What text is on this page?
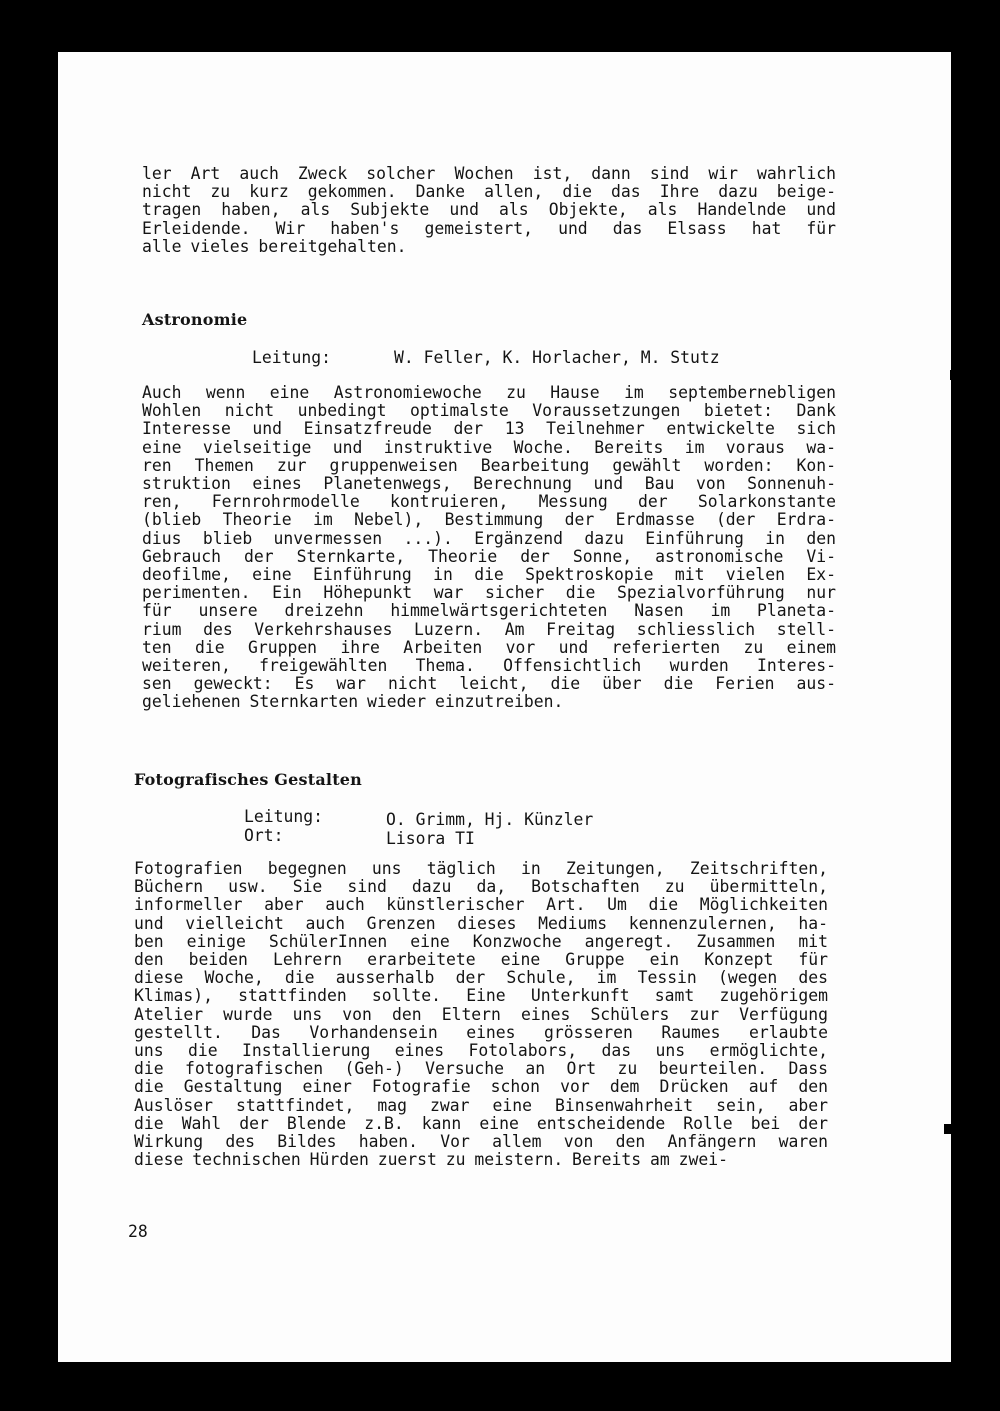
ler Art auch Zweck solcher Wochen ist, dann sind wir wahrlich
nicht zu kurz gekommen. Danke allen, die das Ihre dazu beige-
tragen haben, als Subjekte und als Objekte, als Handelnde und
Erleidende. Wir haben's gemeistert, und das Elsass hat für
alle vieles bereitgehalten.
Astronomie
Leitung:	W. Feller, K. Horlacher, M. Stutz
Auch wenn eine Astronomiewoche zu Hause im septembernebligen
Wohlen nicht unbedingt optimalste Voraussetzungen bietet: Dank
Interesse und Einsatzfreude der 13 Teilnehmer entwickelte sich
eine vielseitige und instruktive Woche. Bereits im voraus wa-
ren Themen zur gruppenweisen Bearbeitung gewählt worden: Kon-
struktion eines Planetenwegs, Berechnung und Bau von Sonnenuh-
ren, Fernrohrmodelle kontruieren, Messung der Solarkonstante
(blieb Theorie im Nebel), Bestimmung der Erdmasse (der Erdra-
dius blieb unvermessen ...). Ergänzend dazu Einführung in den
Gebrauch der Sternkarte, Theorie der Sonne, astronomische Vi-
deofilme, eine Einführung in die Spektroskopie mit vielen Ex-
perimenten. Ein Höhepunkt war sicher die Spezialvorführung nur
für unsere dreizehn himmelwärtsgerichteten Nasen im Planeta-
rium des Verkehrshauses Luzern. Am Freitag schliesslich stell-
ten die Gruppen ihre Arbeiten vor und referierten zu einem
weiteren, freigewählten Thema. Offensichtlich wurden Interes-
sen geweckt: Es war nicht leicht, die über die Ferien aus-
geliehenen Sternkarten wieder einzutreiben.
Fotografisches Gestalten
Leitung:	O. Grimm, Hj. Künzler
Ort:	Lisora TI
Fotografien begegnen uns täglich in Zeitungen, Zeitschriften,
Büchern usw. Sie sind dazu da, Botschaften zu übermitteln,
informeller aber auch künstlerischer Art. Um die Möglichkeiten
und vielleicht auch Grenzen dieses Mediums kennenzulernen, ha-
ben einige SchülerInnen eine Konzwoche angeregt. Zusammen mit
den beiden Lehrern erarbeitete eine Gruppe ein Konzept für
diese Woche, die ausserhalb der Schule, im Tessin (wegen des
Klimas), stattfinden sollte. Eine Unterkunft samt zugehörigem
Atelier wurde uns von den Eltern eines Schülers zur Verfügung
gestellt. Das Vorhandensein eines grösseren Raumes erlaubte
uns die Installierung eines Fotolabors, das uns ermöglichte,
die fotografischen (Geh-) Versuche an Ort zu beurteilen. Dass
die Gestaltung einer Fotografie schon vor dem Drücken auf den
Auslöser stattfindet, mag zwar eine Binsenwahrheit sein, aber
die Wahl der Blende z.B. kann eine entscheidende Rolle bei der
Wirkung des Bildes haben. Vor allem von den Anfängern waren
diese technischen Hürden zuerst zu meistern. Bereits am zwei-
28
